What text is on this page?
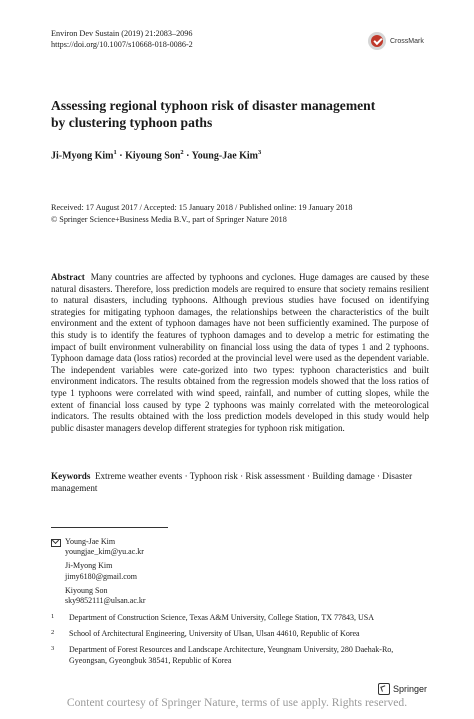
Environ Dev Sustain (2019) 21:2083–2096
https://doi.org/10.1007/s10668-018-0086-2	CrossMark
Assessing regional typhoon risk of disaster management
by clustering typhoon paths
Ji-Myong Kim$^1$ · Kiyoung Son$^2$ · Young-Jae Kim$^3$
Received: 17 August 2017 / Accepted: 15 January 2018 / Published online: 19 January 2018
© Springer Science+Business Media B.V., part of Springer Nature 2018
Abstract Many countries are affected by typhoons and cyclones. Huge damages are caused by these natural disasters. Therefore, loss prediction models are required to ensure that society remains resilient to natural disasters, including typhoons. Although previous studies have focused on identifying strategies for mitigating typhoon damages, the relationships between the characteristics of the built environment and the extent of typhoon damages have not been sufficiently examined. The purpose of this study is to identify the features of typhoon damages and to develop a metric for estimating the impact of built environment vulnerability on financial loss using the data of types 1 and 2 typhoons. Typhoon damage data (loss ratios) recorded at the provincial level were used as the dependent variable. The independent variables were cate-gorized into two types: typhoon characteristics and built environment indicators. The results obtained from the regression models showed that the loss ratios of type 1 typhoons were correlated with wind speed, rainfall, and number of cutting slopes, while the extent of financial loss caused by type 2 typhoons was mainly correlated with the meteorological indicators. The results obtained with the loss prediction models developed in this study would help public disaster managers develop different strategies for typhoon risk mitigation.
Keywords Extreme weather events · Typhoon risk · Risk assessment · Building damage · Disaster management
Young-Jae Kim
youngjae_kim@yu.ac.kr
Ji-Myong Kim
jimy6180@gmail.com
Kiyoung Son
sky9852111@ulsan.ac.kr
1	Department of Construction Science, Texas A&M University, College Station, TX 77843, USA
2	School of Architectural Engineering, University of Ulsan, Ulsan 44610, Republic of Korea
3	Department of Forest Resources and Landscape Architecture, Yeungnam University, 280 Daehak-Ro, Gyeongsan, Gyeongbuk 38541, Republic of Korea
Springer
Content courtesy of Springer Nature, terms of use apply. Rights reserved.
